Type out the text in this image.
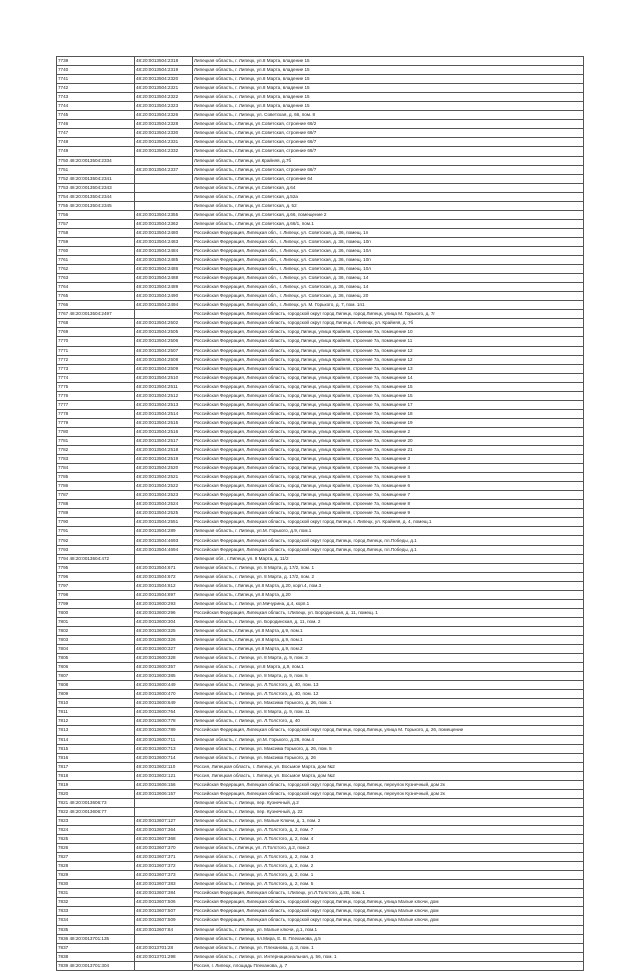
7739	48:20:0013504:2318	Липецкая область, г. Липецк, ул.8 Марта, владение 15
7740	48:20:0013504:2319	Липецкая область, г. Липецк, ул.8 Марта, владение 15
7741	48:20:0013504:2320	Липецкая область, г. Липецк, ул.8 Марта, владение 15
7742	48:20:0013504:2321	Липецкая область, г. Липецк, ул.8 Марта, владение 15
7743	48:20:0013504:2322	Липецкая область, г. Липецк, ул.8 Марта, владение 15
7744	48:20:0013504:2323	Липецкая область, г. Липецк, ул.8 Марта, владение 15
7745	48:20:0013504:2326	Липецкая область, г. Липецк, ул. Советская, д. 66, пом. 8
7746	48:20:0013504:2328	Липецкая область, г.Липецк, ул.Советская, строение 66/2
7747	48:20:0013504:2330	Липецкая область, г.Липецк, ул.Советская, строение 66/7
7748	48:20:0013504:2331	Липецкая область, г.Липецк, ул.Советская, строение 66/7
7749	48:20:0013504:2332	Липецкая область, г.Липецк, ул.Советская, строение 66/7
7750 48:20:0013504:2334		Липецкая область, г.Липецк, ул.Крайняя, д.7б
7751	48:20:0013504:2337	Липецкая область, г.Липецк, ул.Советская, строение 66/7
7752 48:20:0013504:2341		Липецкая область, г.Липецк, ул.Советская, строение 64
7753 48:20:0013504:2343		Липецкая область, г.Липецк, ул.Советская, д.64
7754 48:20:0013504:2344		Липецкая область, г.Липецк, ул.Советская, д.52а
7755 48:20:0013504:2345		Липецкая область, г.Липецк, ул.Советская, д. 52
7756	48:20:0013504:2355	Липецкая область, г.Липецк, ул.Советская, д.66, помещение 2
7757	48:20:0013504:2362	Липецкая область, г.Липецк, ул.Советская, д.66/1, пом.1
7758	48:20:0013504:2480	Российская Федерация, Липецкая обл., г. Липецк, ул. Советская, д. 36, помещ. 1п
7759	48:20:0013504:2483	Российская Федерация, Липецкая обл., г. Липецк, ул. Советская, д. 36, помещ. 10п
7760	48:20:0013504:2484	Российская Федерация, Липецкая обл., г. Липецк, ул. Советская, д. 36, помещ. 10л
7761	48:20:0013504:2485	Российская Федерация, Липецкая обл., г. Липецк, ул. Советская, д. 36, помещ. 10п
7762	48:20:0013504:2486	Российская Федерация, Липецкая обл., г. Липецк, ул. Советская, д. 36, помещ. 10л
7763	48:20:0013504:2488	Российская Федерация, Липецкая обл., г. Липецк, ул. Советская, д. 36, помещ. 14
7764	48:20:0013504:2489	Российская Федерация, Липецкая обл., г. Липецк, ул. Советская, д. 36, помещ. 14
7765	48:20:0013504:2490	Российская Федерация, Липецкая обл., г. Липецк, ул. Советская, д. 36, помещ. 20
7766	48:20:0013504:2494	Российская Федерация, Липецкая обл., г. Липецк, ул. М. Горького, д. 7, пом. 1п1
7767 48:20:0013504:2497		Российская Федерация, Липецкая область, городской округ город Липецк, город Липецк, улица М. Горького, д. 7г
7768	48:20:0013504:2502	Российская Федерация, Липецкая область, городской округ город Липецк, г. Липецк, ул. Крайняя, д. 7б
7769	48:20:0013504:2505	Российская Федерация, Липецкая область, город Липецк, улица Крайняя, строение 7а, помещение 10
7770	48:20:0013504:2506	Российская Федерация, Липецкая область, город Липецк, улица Крайняя, строение 7а, помещение 11
7771	48:20:0013504:2507	Российская Федерация, Липецкая область, город Липецк, улица Крайняя, строение 7а, помещение 12
7772	48:20:0013504:2508	Российская Федерация, Липецкая область, город Липецк, улица Крайняя, строение 7а, помещение 12
7773	48:20:0013504:2509	Российская Федерация, Липецкая область, город Липецк, улица Крайняя, строение 7а, помещение 13
7774	48:20:0013504:2510	Российская Федерация, Липецкая область, город Липецк, улица Крайняя, строение 7а, помещение 14
7775	48:20:0013504:2511	Российская Федерация, Липецкая область, город Липецк, улица Крайняя, строение 7а, помещение 15
7776	48:20:0013504:2512	Российская Федерация, Липецкая область, город Липецк, улица Крайняя, строение 7а, помещение 15
7777	48:20:0013504:2513	Российская Федерация, Липецкая область, город Липецк, улица Крайняя, строение 7а, помещение 17
7778	48:20:0013504:2514	Российская Федерация, Липецкая область, город Липецк, улица Крайняя, строение 7а, помещение 18
7779	48:20:0013504:2515	Российская Федерация, Липецкая область, город Липецк, улица Крайняя, строение 7а, помещение 19
7780	48:20:0013504:2516	Российская Федерация, Липецкая область, город Липецк, улица Крайняя, строение 7а, помещение 2
7781	48:20:0013504:2517	Российская Федерация, Липецкая область, город Липецк, улица Крайняя, строение 7а, помещение 20
7782	48:20:0013504:2518	Российская Федерация, Липецкая область, город Липецк, улица Крайняя, строение 7а, помещение 21
7783	48:20:0013504:2519	Российская Федерация, Липецкая область, город Липецк, улица Крайняя, строение 7а, помещение 3
7784	48:20:0013504:2520	Российская Федерация, Липецкая область, город Липецк, улица Крайняя, строение 7а, помещение 4
7785	48:20:0013504:2521	Российская Федерация, Липецкая область, город Липецк, улица Крайняя, строение 7а, помещение 5
7786	48:20:0013504:2522	Российская Федерация, Липецкая область, город Липецк, улица Крайняя, строение 7а, помещение 6
7787	48:20:0013504:2523	Российская Федерация, Липецкая область, город Липецк, улица Крайняя, строение 7а, помещение 7
7788	48:20:0013504:2524	Российская Федерация, Липецкая область, город Липецк, улица Крайняя, строение 7а, помещение 8
7789	48:20:0013504:2525	Российская Федерация, Липецкая область, город Липецк, улица Крайняя, строение 7а, помещение 9
7790	48:20:0013504:2551	Российская Федерация, Липецкая область, городской округ город Липецк, г. Липецк, ул. Крайняя, д. 4, помещ.1
7791	48:20:0013504:289	Липецкая область, г. Липецк, ул.М. Горького, д.9, пом.1
7792	48:20:0013504:4693	Российская Федерация, Липецкая область, городской округ город Липецк, город Липецк, пл.Победы, д.1
7793	48:20:0013504:4694	Российская Федерация, Липецкая область, городской округ город Липецк, город Липецк, пл.Победы, д.1
7794 48:20:0013504:472		Липецкая обл., г.Липецк, ул. 8 Марта, д. 11/2
7795	48:20:0013504:671	Липецкая область, г. Липецк, ул. 8 Марта, д. 17/2, пом. 1
7796	48:20:0013504:672	Липецкая область, г. Липецк, ул. 8 Марта, д. 17/2, пом. 2
7797	48:20:0013504:812	Липецкая область, г.Липецк, ул.8 Марта, д.20, корп.4, пом.3
7798	48:20:0013504:897	Липецкая область, г.Липецк, ул.8 Марта, д.20
7799	48:20:0013600:293	Липецкая область, г. Липецк, ул.Мичурина, д.4, корп.1
7800	48:20:0013600:296	Российская Федерация, Липецкая область, г.Липецк, ул. Бородинская, д. 11, помещ. 1
7801	48:20:0013600:304	Липецкая область, г. Липецк, ул. Бородинская, д. 11, пом. 2
7802	48:20:0013600:325	Липецкая область, г.Липецк, ул.8 Марта, д.9, пом.1
7803	48:20:0013600:326	Липецкая область, г.Липецк, ул.8 Марта, д.9, пом.1
7804	48:20:0013600:327	Липецкая область, г.Липецк, ул.8 Марта, д.9, пом.2
7805	48:20:0013600:328	Липецкая область, г. Липецк, ул. 8 Марта, д. 9, пом. 3
7806	48:20:0013600:357	Липецкая область, г. Липецк, ул.8 Марта, д.9, пом.1
7807	48:20:0013600:385	Липецкая область, г. Липецк, ул. 8 Марта, д. 9, пом. 5
7808	48:20:0013600:449	Липецкая область, г. Липецк, ул. Л.Толстого, д. 40, пом. 13
7809	48:20:0013600:470	Липецкая область, г. Липецк, ул. Л.Толстого, д. 40, пом. 12
7810	48:20:0013600:649	Липецкая область, г. Липецк, ул. Максима Горького, д. 26, пом. 1
7811	48:20:0013600:764	Липецкая область, г. Липецк, ул. 8 Марта, д. 9, пом. 11
7812	48:20:0013600:778	Липецкая область, г. Липецк, ул. Л.Толстого, д. 40
7813	48:20:0013600:789	Российская Федерация, Липецкая область, городской округ город Липецк, город Липецк, улица М. Горького, д. 26, помещение
7814	48:20:0013600:711	Липецкая область, г. Липецк, ул.М. Горького, д.26, пом.4
7815	48:20:0013600:713	Липецкая область, г. Липецк, ул. Максима Горького, д. 26, пом. 5
7816	48:20:0013600:714	Липецкая область, г. Липецк, ул. Максима Горького, д. 26
7817	48:20:0013602:110	Россия, Липецкая область, г. Липецк, ул. Восьмое Марта, дом №2
7818	48:20:0013602:121	Россия, Липецкая область, г. Липецк, ул. Восьмое Марта, дом №2
7819	48:20:0013606:156	Российская Федерация, Липецкая область, городской округ город Липецк, город Липецк, переулок Кузнечный, дом 2к
7820	48:20:0013606:157	Российская Федерация, Липецкая область, городской округ город Липецк, город Липецк, переулок Кузнечный, дом 2к
7821 48:20:0013606:73		Липецкая область, г. Липецк, пер. Кузнечный, д.2
7822 48:20:0013606:77		Липецкая область, г. Липецк, пер. Кузнечный, д. 22
7823	48:20:0013607:127	Липецкая область, г. Липецк, ул. Малые Ключи, д. 1, пом. 2
7824	48:20:0013607:364	Липецкая область, г. Липецк, ул. Л.Толстого, д. 2, пом. 7
7825	48:20:0013607:368	Липецкая область, г. Липецк, ул. Л.Толстого, д. 2, пом. 4
7826	48:20:0013607:370	Липецкая область, г.Липецк, ул. Л.Толстого, д.2, пом.2
7827	48:20:0013607:371	Липецкая область, г. Липецк, ул. Л.Толстого, д. 2, пом. 3
7828	48:20:0013607:372	Липецкая область, г. Липецк, ул. Л.Толстого, д. 2, пом. 2
7829	48:20:0013607:373	Липецкая область, г. Липецк, ул. Л.Толстого, д. 2, пом. 1
7830	48:20:0013607:383	Липецкая область, г. Липецк, ул. Л.Толстого, д. 2, пом. 5
7831	48:20:0013607:384	Российская Федерация, Липецкая область, г.Липецк, ул.Л.Толстого, д.2В, пом. 1
7832	48:20:0013607:506	Российская Федерация, Липецкая область, городской округ город Липецк, город Липецк, улица Малые ключи, дом
7833	48:20:0013607:507	Российская Федерация, Липецкая область, городской округ город Липецк, город Липецк, улица Малые ключи, дом
7834	48:20:0013607:509	Российская Федерация, Липецкая область, городской округ город Липецк, город Липецк, улица Малые ключи, дом
7835	48:20:0013607:84	Липецкая область, г. Липецк, ул. Малые ключи, д.1, пом.1
7836 48:20:0013701:135		Липецкая область, г. Липецк, пл.Мира, Е. В. Плеханова, д.5
7837	48:20:0013701:28	Липецкая область, г. Липецк, ул. Плеханова, д. 3, пом. 1
7838	48:20:0013701:298	Липецкая область, г. Липецк, ул. Интернациональная, д. 56, пом. 1
7839 48:20:0013701:304		Россия, г. Липецк, площадь Плеханова, д. 7
